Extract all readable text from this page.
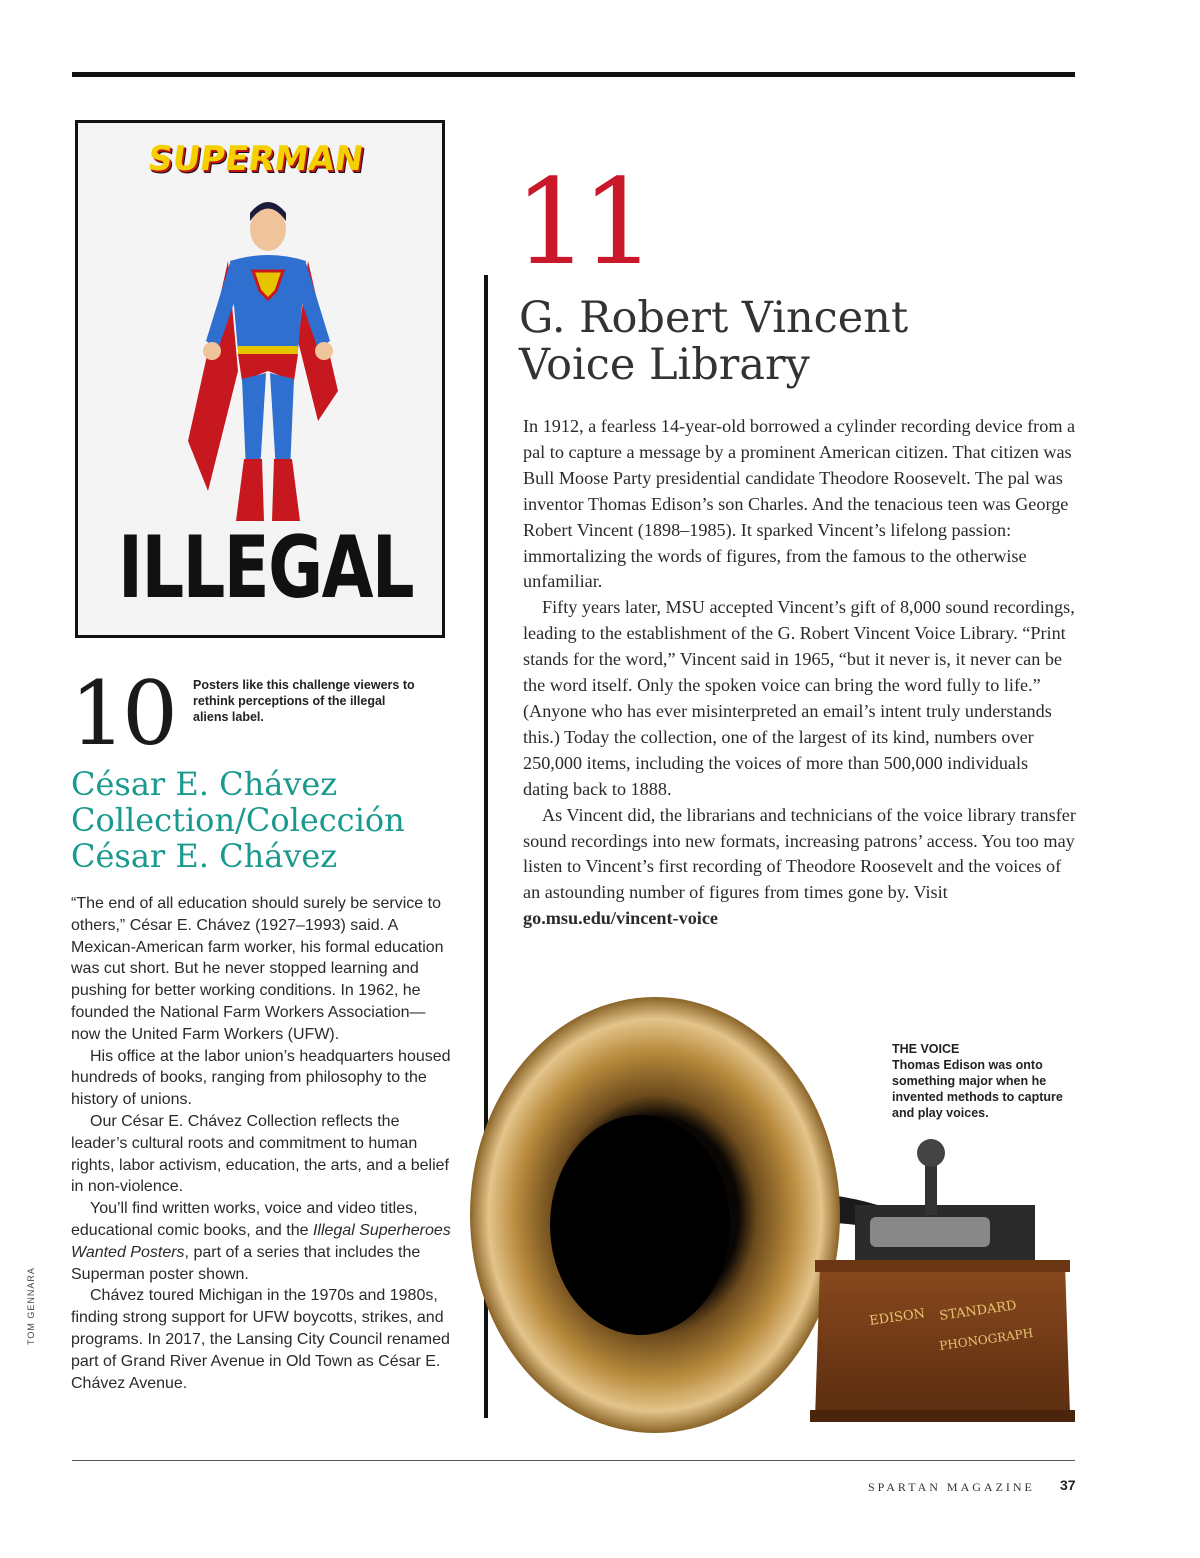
SUPERMAN
ILLEGAL
Posters like this challenge viewers to rethink perceptions of the illegal aliens label.
10
César E. Chávez
Collection/Colección
César E. Chávez

“The end of all education should surely be service to others,” César E. Chávez (1927–1993) said. A Mexican-American farm worker, his formal education was cut short. But he never stopped learning and pushing for better working conditions. In 1962, he founded the National Farm Workers Association—now the United Farm Workers (UFW).

His office at the labor union’s headquarters housed hundreds of books, ranging from philosophy to the history of unions.

Our César E. Chávez Collection reflects the leader’s cultural roots and commitment to human rights, labor activism, education, the arts, and a belief in non-violence.

You’ll find written works, voice and video titles, educational comic books, and the Illegal Superheroes Wanted Posters, part of a series that includes the Superman poster shown.

Chávez toured Michigan in the 1970s and 1980s, finding strong support for UFW boycotts, strikes, and programs. In 2017, the Lansing City Council renamed part of Grand River Avenue in Old Town as César E. Chávez Avenue.

TOM GENNARA
11
G. Robert Vincent
Voice Library

In 1912, a fearless 14-year-old borrowed a cylinder recording device from a pal to capture a message by a prominent American citizen. That citizen was Bull Moose Party presidential candidate Theodore Roosevelt. The pal was inventor Thomas Edison’s son Charles. And the tenacious teen was George Robert Vincent (1898–1985). It sparked Vincent’s lifelong passion: immortalizing the words of figures, from the famous to the otherwise unfamiliar.

Fifty years later, MSU accepted Vincent’s gift of 8,000 sound recordings, leading to the establishment of the G. Robert Vincent Voice Library. “Print stands for the word,” Vincent said in 1965, “but it never is, it never can be the word itself. Only the spoken voice can bring the word fully to life.” (Anyone who has ever misinterpreted an email’s intent truly understands this.) Today the collection, one of the largest of its kind, numbers over 250,000 items, including the voices of more than 500,000 individuals dating back to 1888.

As Vincent did, the librarians and technicians of the voice library transfer sound recordings into new formats, increasing patrons’ access. You too may listen to Vincent’s first recording of Theodore Roosevelt and the voices of an astounding number of figures from times gone by. Visit go.msu.edu/vincent-voice

EDISON STANDARD
PHONOGRAPH
THE VOICE
Thomas Edison was onto something major when he invented methods to capture and play voices.
SPARTAN MAGAZINE 37
